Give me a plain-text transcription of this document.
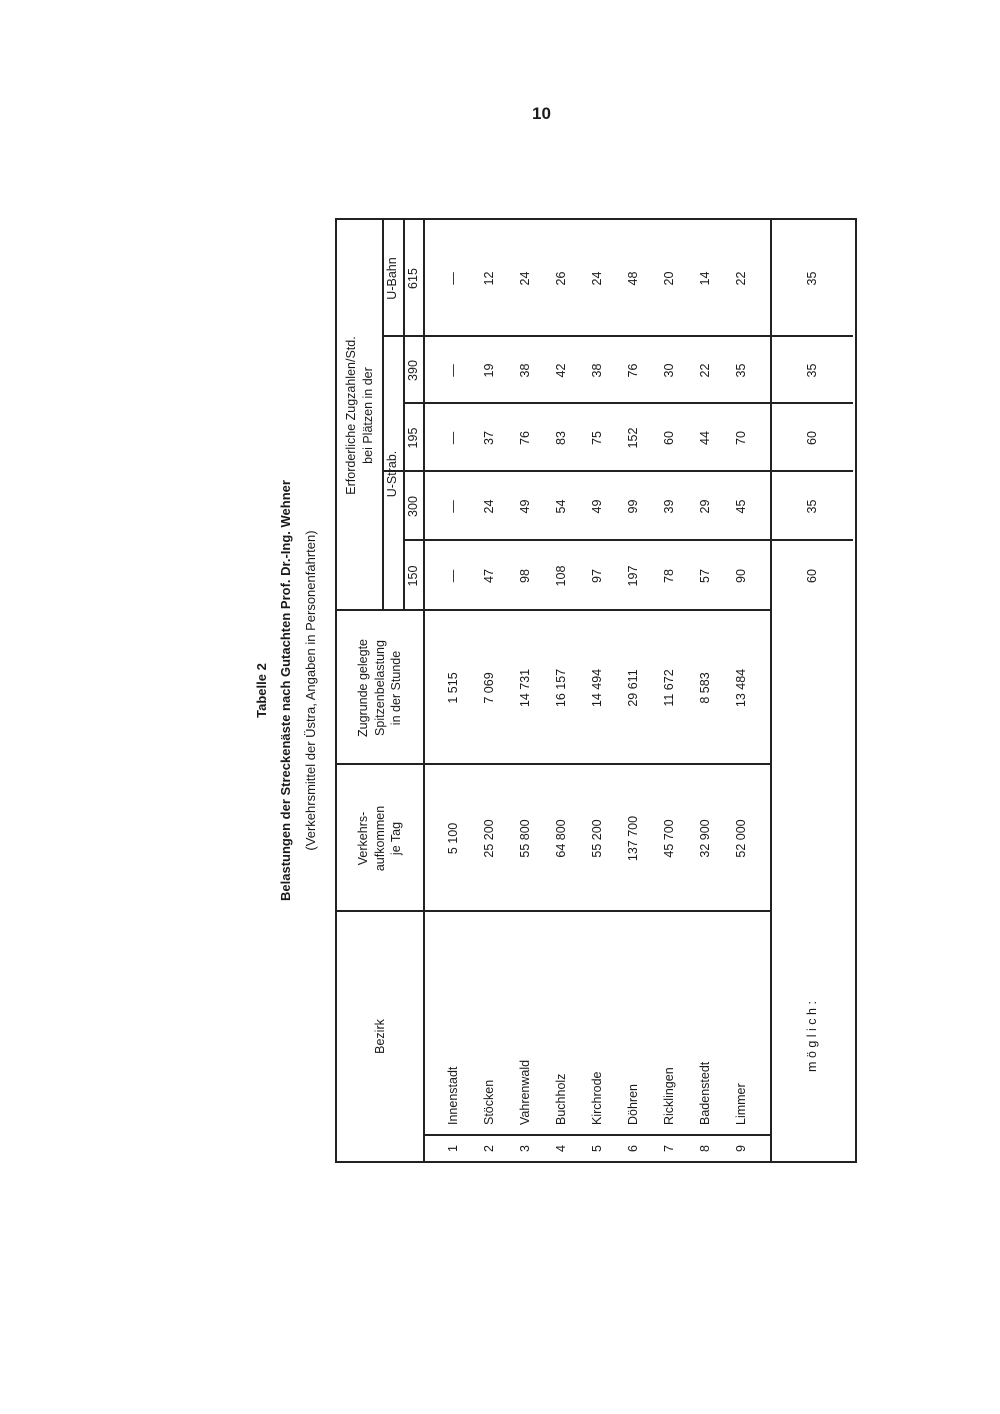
10
Tabelle 2 Belastungen der Streckenäste nach Gutachten Prof. Dr.-Ing. Wehner (Verkehrsmittel der Üstra, Angaben in Personenfahrten)
Bezirk
Verkehrs-
aufkommen
je Tag
Zugrunde gelegte
Spitzenbelastung
in der Stunde
Erforderliche Zugzahlen/Std.
bei Plätzen in der
U-Strab.
U-Bahn
150
300
195
390
615
m ö g l i c h :
60
35
60
35
35
1
Innenstadt
5 100
1 515
—
—
—
—
—
2
Stöcken
25 200
7 069
47
24
37
19
12
3
Vahrenwald
55 800
14 731
98
49
76
38
24
4
Buchholz
64 800
16 157
108
54
83
42
26
5
Kirchrode
55 200
14 494
97
49
75
38
24
6
Döhren
137 700
29 611
197
99
152
76
48
7
Ricklingen
45 700
11 672
78
39
60
30
20
8
Badenstedt
32 900
8 583
57
29
44
22
14
9
Limmer
52 000
13 484
90
45
70
35
22
